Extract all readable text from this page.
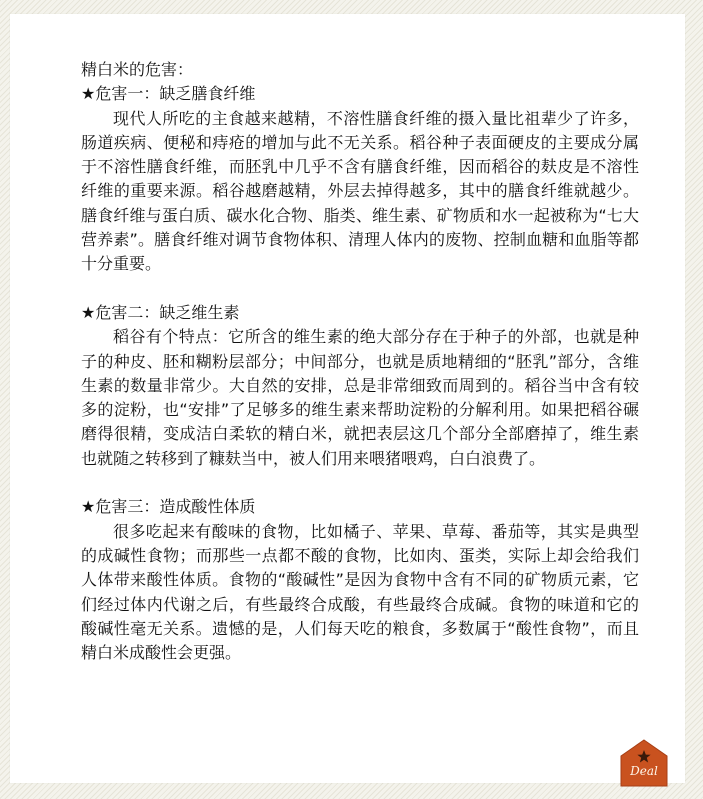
精白米的危害：

★危害一：缺乏膳食纤维

现代人所吃的主食越来越精，不溶性膳食纤维的摄入量比祖辈少了许多，肠道疾病、便秘和痔疮的增加与此不无关系。稻谷种子表面硬皮的主要成分属于不溶性膳食纤维，而胚乳中几乎不含有膳食纤维，因而稻谷的麸皮是不溶性纤维的重要来源。稻谷越磨越精，外层去掉得越多，其中的膳食纤维就越少。膳食纤维与蛋白质、碳水化合物、脂类、维生素、矿物质和水一起被称为“七大营养素”。膳食纤维对调节食物体积、清理人体内的废物、控制血糖和血脂等都十分重要。

★危害二：缺乏维生素

稻谷有个特点：它所含的维生素的绝大部分存在于种子的外部，也就是种子的种皮、胚和糊粉层部分；中间部分，也就是质地精细的“胚乳”部分，含维生素的数量非常少。大自然的安排，总是非常细致而周到的。稻谷当中含有较多的淀粉，也“安排”了足够多的维生素来帮助淀粉的分解利用。如果把稻谷碾磨得很精，变成洁白柔软的精白米，就把表层这几个部分全部磨掉了，维生素也就随之转移到了糠麸当中，被人们用来喂猪喂鸡，白白浪费了。

★危害三：造成酸性体质

很多吃起来有酸味的食物，比如橘子、苹果、草莓、番茄等，其实是典型的成碱性食物；而那些一点都不酸的食物，比如肉、蛋类，实际上却会给我们人体带来酸性体质。食物的“酸碱性”是因为食物中含有不同的矿物质元素，它们经过体内代谢之后，有些最终合成酸，有些最终合成碱。食物的味道和它的酸碱性毫无关系。遗憾的是，人们每天吃的粮食，多数属于“酸性食物”，而且精白米成酸性会更强。

Deal
